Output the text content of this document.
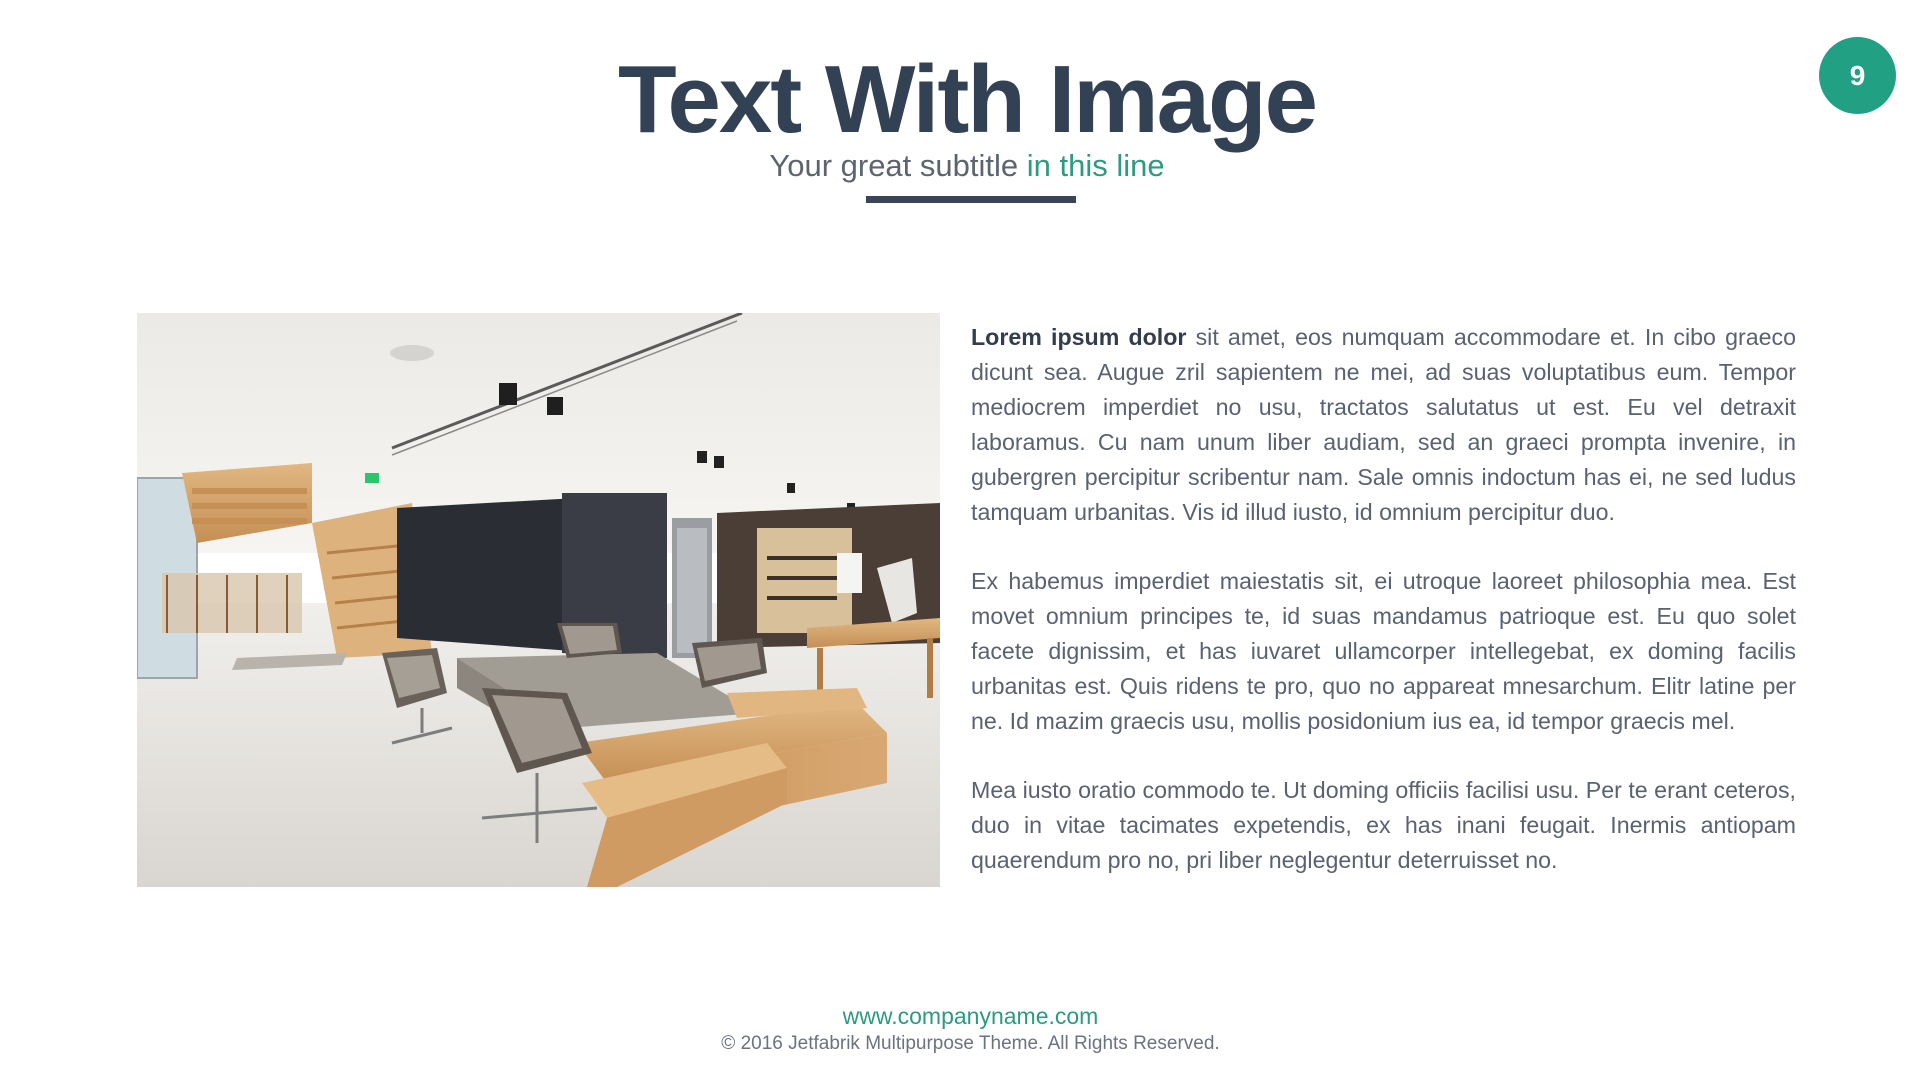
9
Text With Image
Your great subtitle in this line

Lorem ipsum dolor sit amet, eos numquam accommodare et. In cibo graeco dicunt sea. Augue zril sapientem ne mei, ad suas voluptatibus eum. Tempor mediocrem imperdiet no usu, tractatos salutatus ut est. Eu vel detraxit laboramus. Cu nam unum liber audiam, sed an graeci prompta invenire, in gubergren percipitur scribentur nam. Sale omnis indoctum has ei, ne sed ludus tamquam urbanitas. Vis id illud iusto, id omnium percipitur duo.

Ex habemus imperdiet maiestatis sit, ei utroque laoreet philosophia mea. Est movet omnium principes te, id suas mandamus patrioque est. Eu quo solet facete dignissim, et has iuvaret ullamcorper intellegebat, ex doming facilis urbanitas est. Quis ridens te pro, quo no appareat mnesarchum. Elitr latine per ne. Id mazim graecis usu, mollis posidonium ius ea, id tempor graecis mel.

Mea iusto oratio commodo te. Ut doming officiis facilisi usu. Per te erant ceteros, duo in vitae tacimates expetendis, ex has inani feugait. Inermis antiopam quaerendum pro no, pri liber neglegentur deterruisset no.

www.companyname.com
© 2016 Jetfabrik Multipurpose Theme. All Rights Reserved.
